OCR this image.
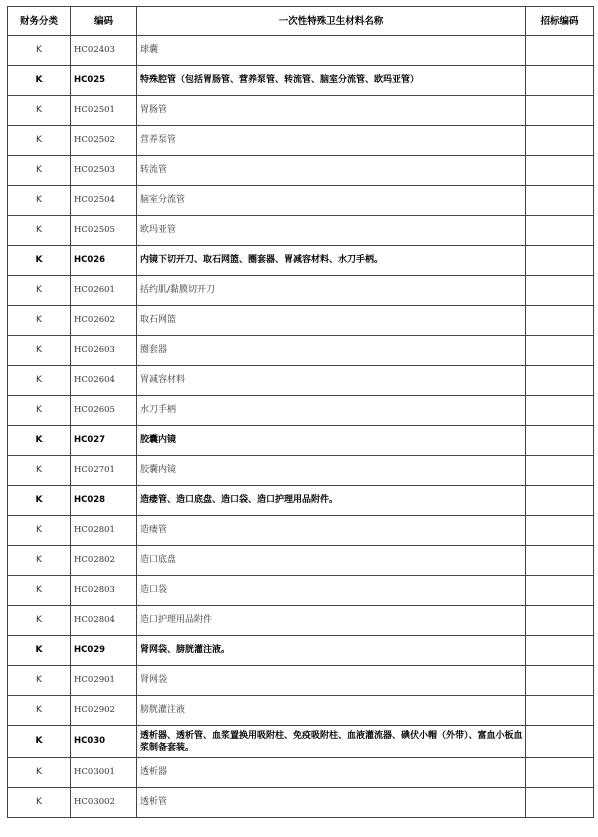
财务分类	编码	一次性特殊卫生材料名称	招标编码
K	HC02403	球囊	
K	HC025	特殊腔管（包括胃肠管、营养泵管、转流管、脑室分流管、欧玛亚管）	
K	HC02501	胃肠管	
K	HC02502	营养泵管	
K	HC02503	转流管	
K	HC02504	脑室分流管	
K	HC02505	欧玛亚管	
K	HC026	内镜下切开刀、取石网篮、圈套器、胃减容材料、水刀手柄。	
K	HC02601	括约肌/黏膜切开刀	
K	HC02602	取石网篮	
K	HC02603	圈套器	
K	HC02604	胃减容材料	
K	HC02605	水刀手柄	
K	HC027	胶囊内镜	
K	HC02701	胶囊内镜	
K	HC028	造瘘管、造口底盘、造口袋、造口护理用品附件。	
K	HC02801	造瘘管	
K	HC02802	造口底盘	
K	HC02803	造口袋	
K	HC02804	造口护理用品附件	
K	HC029	肾网袋、膀胱灌注液。	
K	HC02901	肾网袋	
K	HC02902	膀胱灌注液	
K	HC030	透析器、透析管、血浆置换用吸附柱、免疫吸附柱、血液灌流器、碘伏小帽（外带）、富血小板血浆制备套装。	
K	HC03001	透析器	
K	HC03002	透析管	
